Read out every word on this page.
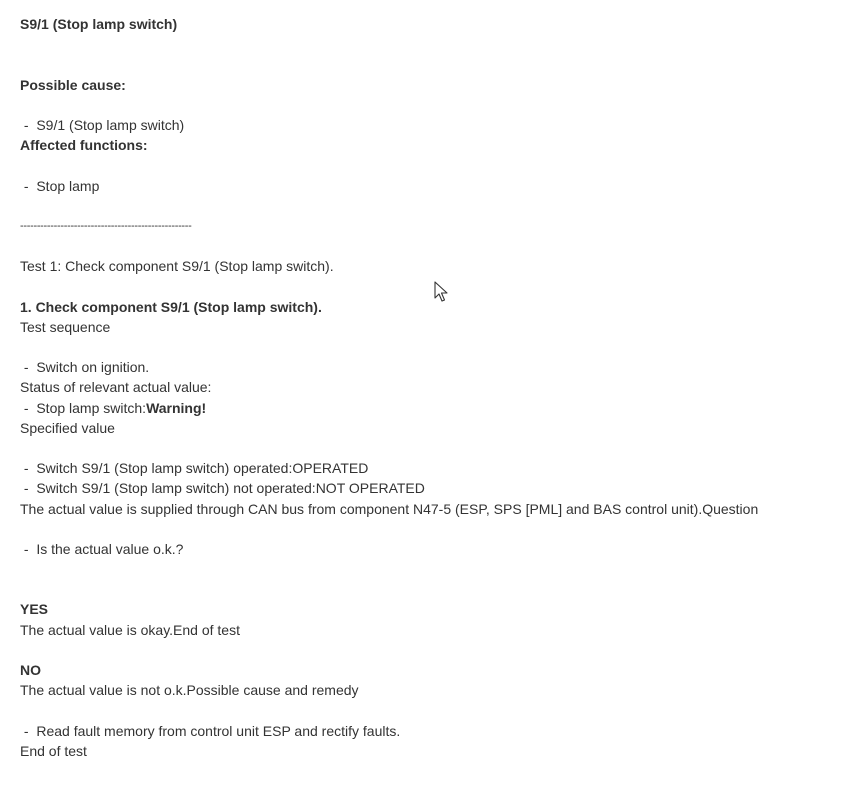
S9/1 (Stop lamp switch)
Possible cause:
-  S9/1 (Stop lamp switch)
Affected functions:
-  Stop lamp
---------------------------------------------------
Test 1: Check component S9/1 (Stop lamp switch).
1. Check component S9/1 (Stop lamp switch).
Test sequence
-  Switch on ignition.
Status of relevant actual value:
-  Stop lamp switch:Warning!
Specified value
-  Switch S9/1 (Stop lamp switch) operated:OPERATED
-  Switch S9/1 (Stop lamp switch) not operated:NOT OPERATED
The actual value is supplied through CAN bus from component N47-5 (ESP, SPS [PML] and BAS control unit).Question
-  Is the actual value o.k.?
YES
The actual value is okay.End of test
NO
The actual value is not o.k.Possible cause and remedy
-  Read fault memory from control unit ESP and rectify faults.
End of test
